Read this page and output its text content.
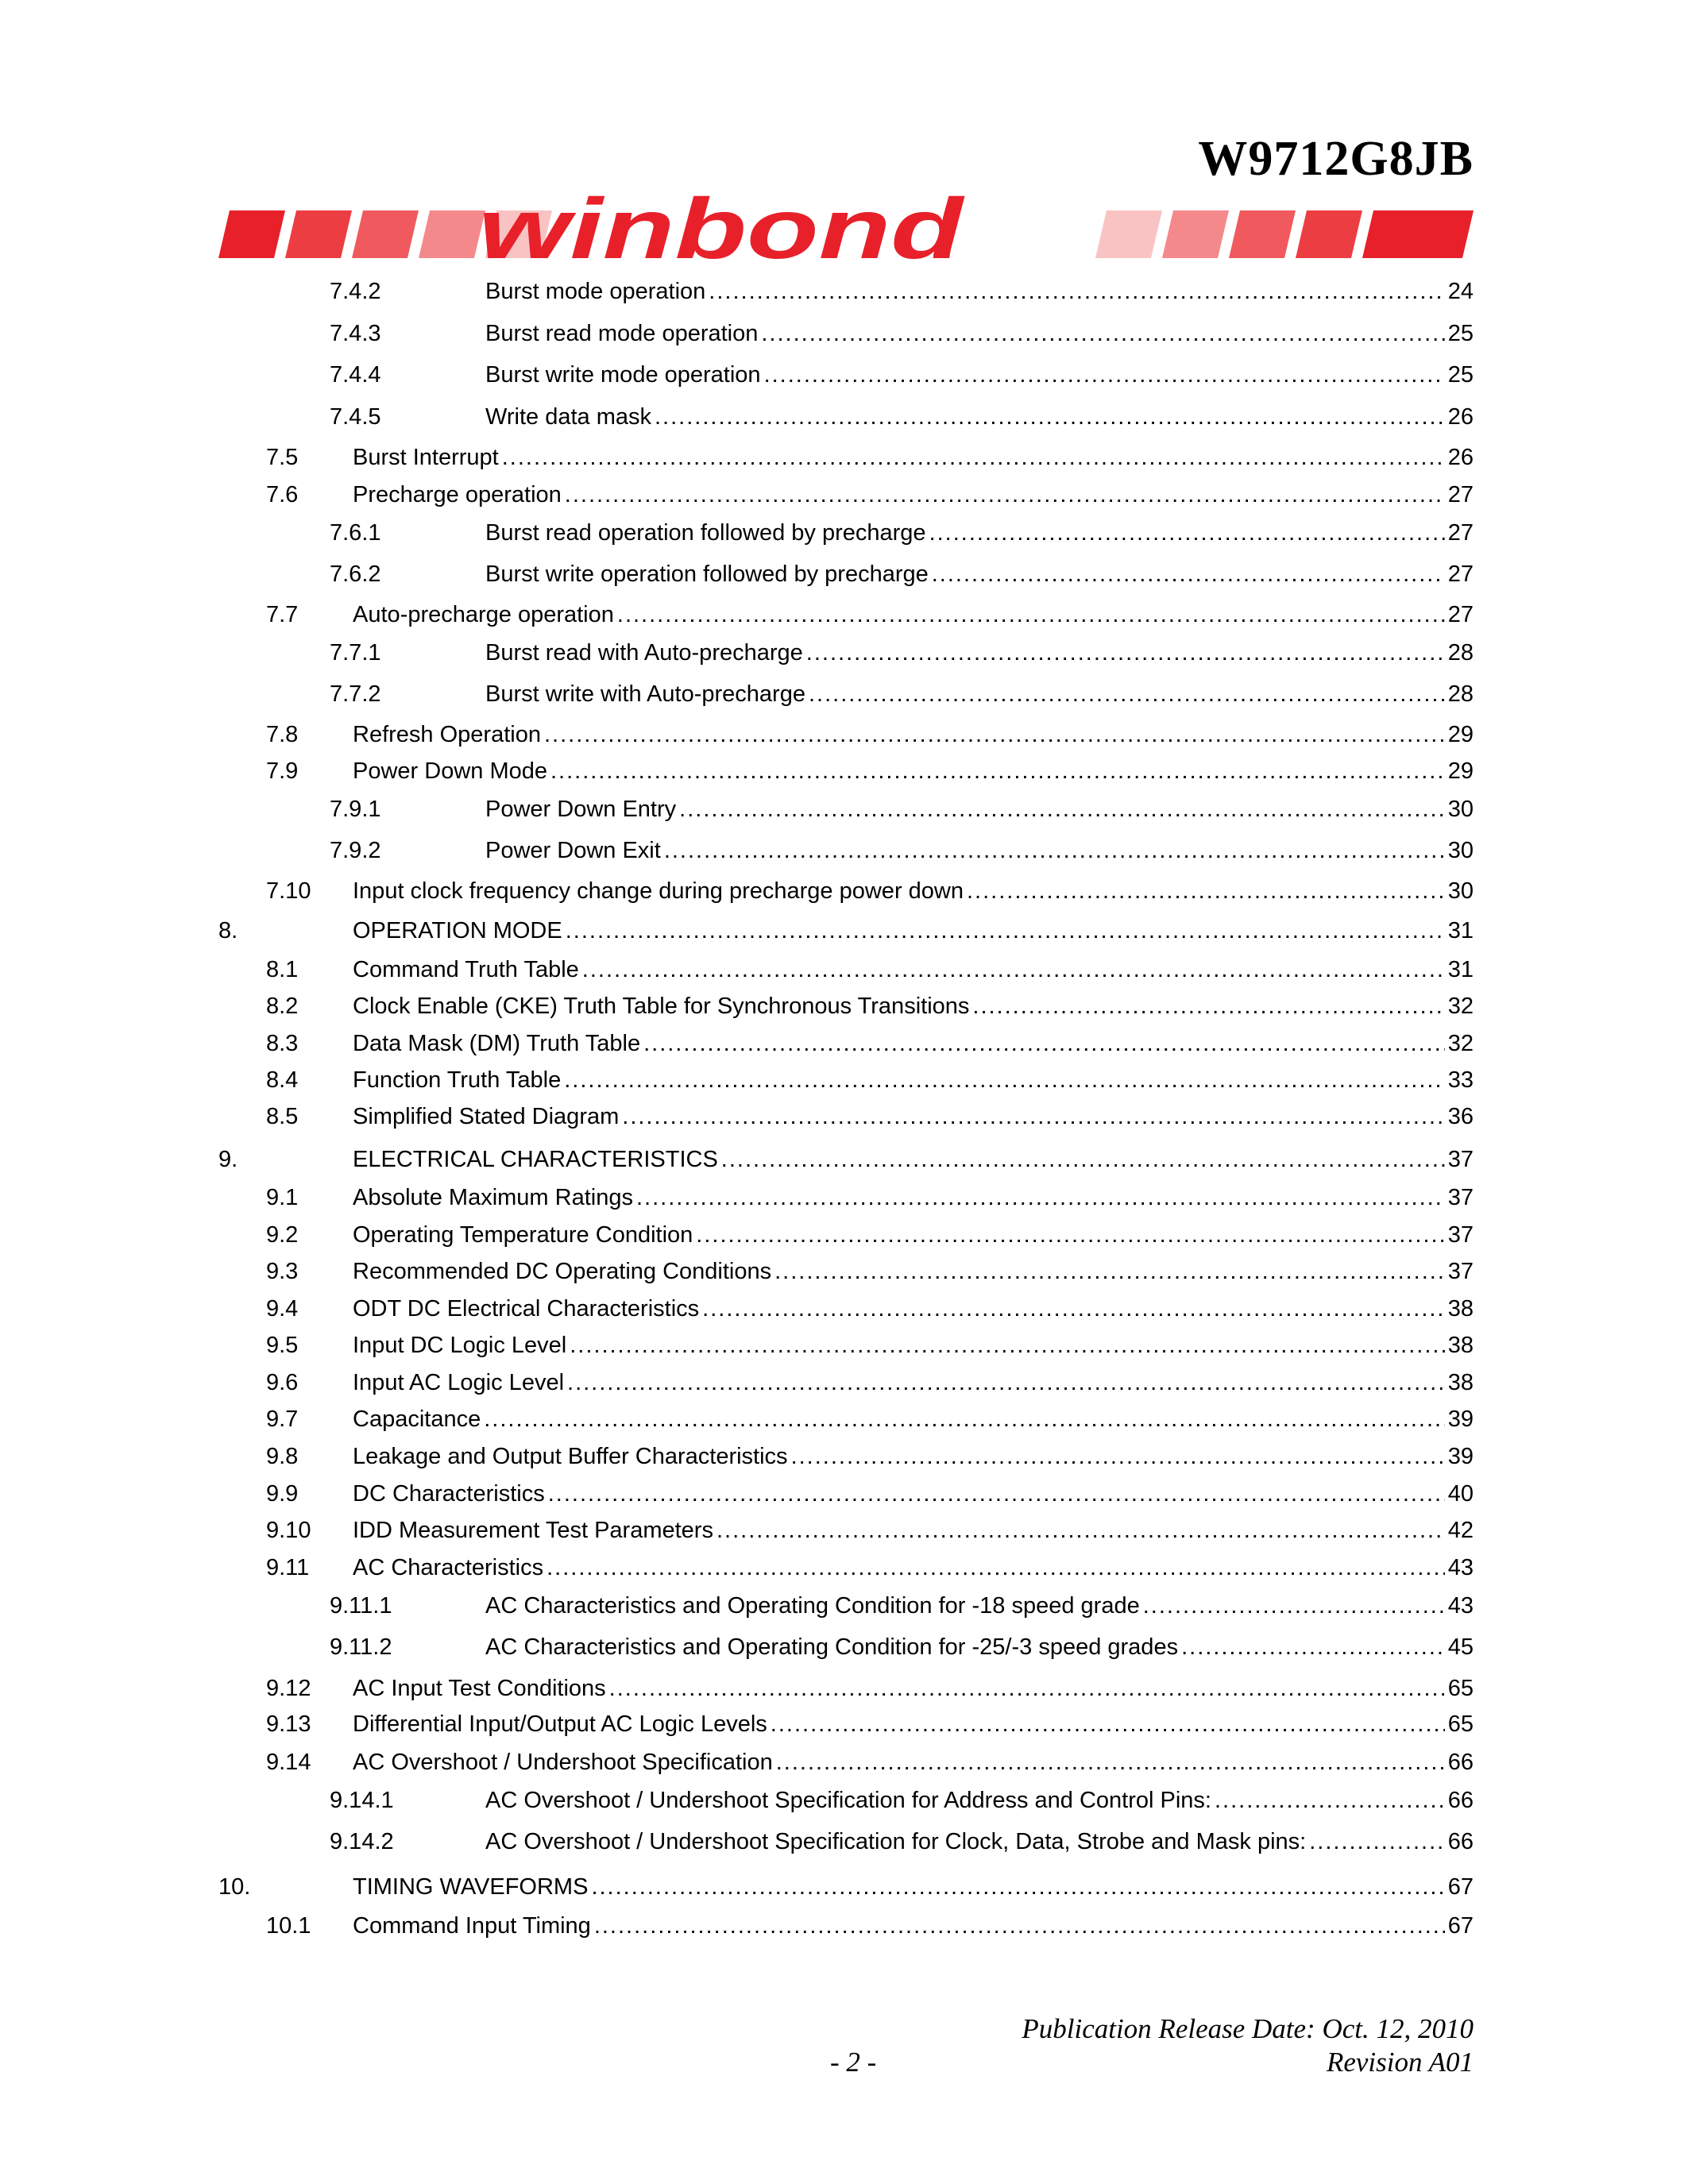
W9712G8JB
winbond
7.4.2	Burst mode operation .....	24
7.4.3	Burst read mode operation .....	25
7.4.4	Burst write mode operation .....	25
7.4.5	Write data mask .....	26
7.5 Burst Interrupt .....	26
7.6 Precharge operation .....	27
7.6.1	Burst read operation followed by precharge .....	27
7.6.2	Burst write operation followed by precharge .....	27
7.7 Auto-precharge operation .....	27
7.7.1	Burst read with Auto-precharge .....	28
7.7.2	Burst write with Auto-precharge .....	28
7.8 Refresh Operation .....	29
7.9 Power Down Mode .....	29
7.9.1	Power Down Entry .....	30
7.9.2	Power Down Exit .....	30
7.10 Input clock frequency change during precharge power down .....	30
8.	OPERATION MODE .....	31
8.1 Command Truth Table .....	31
8.2 Clock Enable (CKE) Truth Table for Synchronous Transitions .....	32
8.3 Data Mask (DM) Truth Table .....	32
8.4 Function Truth Table .....	33
8.5 Simplified Stated Diagram .....	36
9.	ELECTRICAL CHARACTERISTICS .....	37
9.1 Absolute Maximum Ratings .....	37
9.2 Operating Temperature Condition .....	37
9.3 Recommended DC Operating Conditions .....	37
9.4 ODT DC Electrical Characteristics .....	38
9.5 Input DC Logic Level .....	38
9.6 Input AC Logic Level .....	38
9.7 Capacitance .....	39
9.8 Leakage and Output Buffer Characteristics .....	39
9.9 DC Characteristics .....	40
9.10 IDD Measurement Test Parameters .....	42
9.11 AC Characteristics .....	43
9.11.1	AC Characteristics and Operating Condition for -18 speed grade .....	43
9.11.2	AC Characteristics and Operating Condition for -25/-3 speed grades .....	45
9.12 AC Input Test Conditions .....	65
9.13 Differential Input/Output AC Logic Levels .....	65
9.14 AC Overshoot / Undershoot Specification .....	66
9.14.1	AC Overshoot / Undershoot Specification for Address and Control Pins: .....	66
9.14.2	AC Overshoot / Undershoot Specification for Clock, Data, Strobe and Mask pins: .....	66
10.	TIMING WAVEFORMS .....	67
10.1 Command Input Timing .....	67
Publication Release Date: Oct. 12, 2010
- 2 -	Revision A01
